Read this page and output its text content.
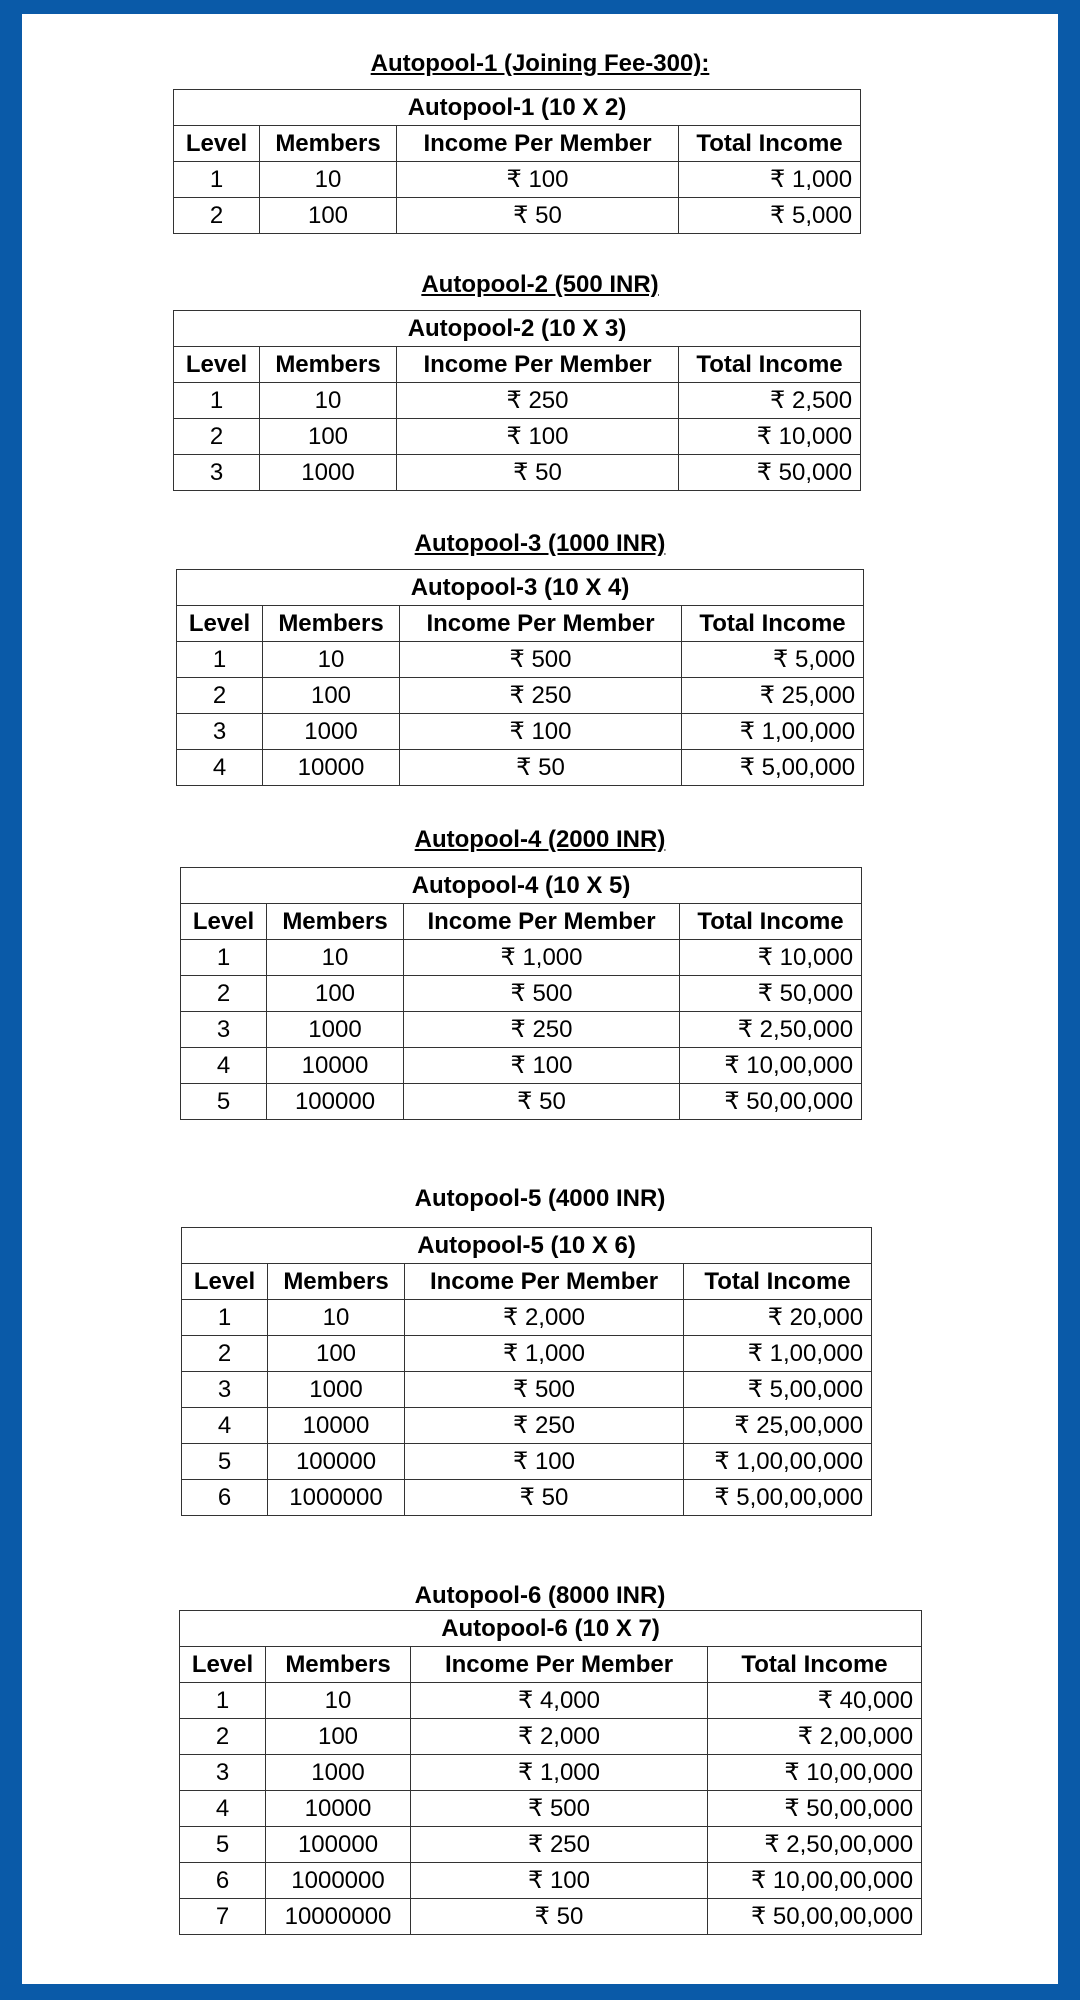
Autopool-1 (Joining Fee-300):
Autopool-1 (10 X 2)			
Level	Members	Income Per Member	Total Income
1	10	₹ 100	₹ 1,000
2	100	₹ 50	₹ 5,000
Autopool-2 (500 INR)
Autopool-2 (10 X 3)			
Level	Members	Income Per Member	Total Income
1	10	₹ 250	₹ 2,500
2	100	₹ 100	₹ 10,000
3	1000	₹ 50	₹ 50,000
Autopool-3 (1000 INR)
Autopool-3 (10 X 4)			
Level	Members	Income Per Member	Total Income
1	10	₹ 500	₹ 5,000
2	100	₹ 250	₹ 25,000
3	1000	₹ 100	₹ 1,00,000
4	10000	₹ 50	₹ 5,00,000
Autopool-4 (2000 INR)
Autopool-4 (10 X 5)			
Level	Members	Income Per Member	Total Income
1	10	₹ 1,000	₹ 10,000
2	100	₹ 500	₹ 50,000
3	1000	₹ 250	₹ 2,50,000
4	10000	₹ 100	₹ 10,00,000
5	100000	₹ 50	₹ 50,00,000
Autopool-5 (4000 INR)
Autopool-5 (10 X 6)			
Level	Members	Income Per Member	Total Income
1	10	₹ 2,000	₹ 20,000
2	100	₹ 1,000	₹ 1,00,000
3	1000	₹ 500	₹ 5,00,000
4	10000	₹ 250	₹ 25,00,000
5	100000	₹ 100	₹ 1,00,00,000
6	1000000	₹ 50	₹ 5,00,00,000
Autopool-6 (8000 INR)
Autopool-6 (10 X 7)			
Level	Members	Income Per Member	Total Income
1	10	₹ 4,000	₹ 40,000
2	100	₹ 2,000	₹ 2,00,000
3	1000	₹ 1,000	₹ 10,00,000
4	10000	₹ 500	₹ 50,00,000
5	100000	₹ 250	₹ 2,50,00,000
6	1000000	₹ 100	₹ 10,00,00,000
7	10000000	₹ 50	₹ 50,00,00,000
